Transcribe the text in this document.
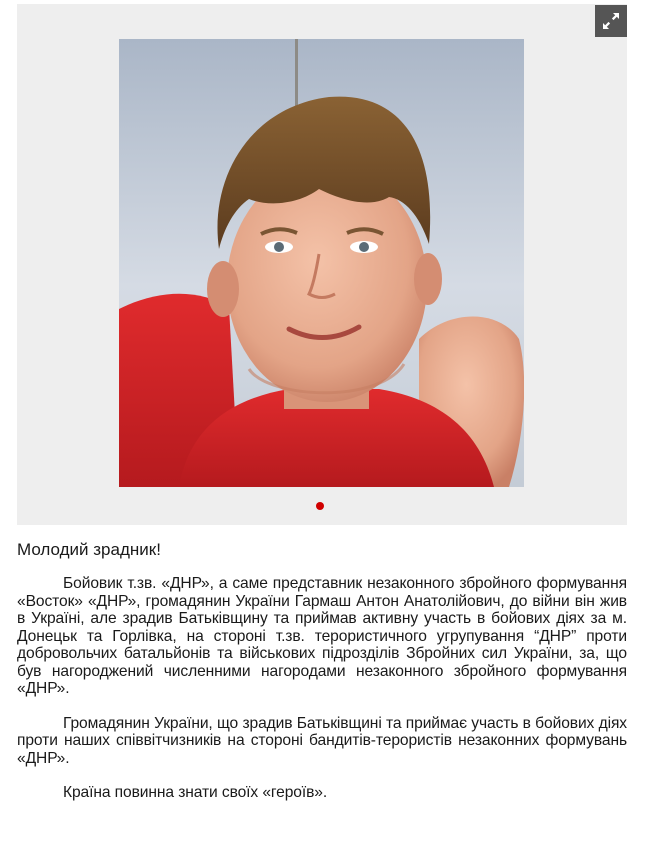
Молодий зрадник!

Бойовик т.зв. «ДНР», а саме представник незаконного збройного формування «Восток» «ДНР», громадянин України Гармаш Антон Анатолійович, до війни він жив в Україні, але зрадив Батьківщину та приймав активну участь в бойових діях за м. Донецьк та Горлівка, на стороні т.зв. терористичного угрупування “ДНР” проти добровольчих батальйонів та військових підрозділів Збройних сил України, за, що був нагороджений численними нагородами незаконного збройного формування «ДНР».

Громадянин України, що зрадив Батьківщині та приймає участь в бойових діях проти наших співвітчизників на стороні бандитів-терористів незаконних формувань «ДНР».

Країна повинна знати своїх «героїв».
